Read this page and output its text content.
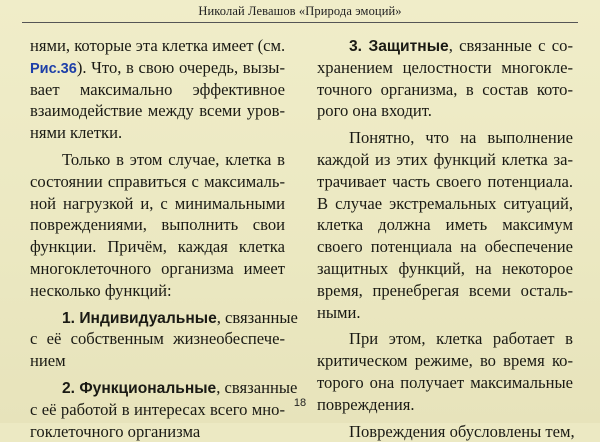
Николай Левашов «Природа эмоций»
нями, которые эта клетка имеет (см.
Рис.36). Что, в свою очередь, вызы-
вает максимально эффективное
взаимодействие между всеми уров-
нями клетки.
Только в этом случае, клетка в
состоянии справиться с максималь-
ной нагрузкой и, с минимальными
повреждениями, выполнить свои
функции. Причём, каждая клетка
многоклеточного организма имеет
несколько функций:
1. Индивидуальные, связанные
с её собственным жизнеобеспече-
нием
2. Функциональные, связанные
с её работой в интересах всего мно-
гоклеточного организма
3. Защитные, связанные с со-
хранением целостности многокле-
точного организма, в состав кото-
рого она входит.
Понятно, что на выполнение
каждой из этих функций клетка за-
трачивает часть своего потенциала.
В случае экстремальных ситуаций,
клетка должна иметь максимум
своего потенциала на обеспечение
защитных функций, на некоторое
время, пренебрегая всеми осталь-
ными.
При этом, клетка работает в
критическом режиме, во время ко-
торого она получает максимальные
повреждения.
Повреждения обусловлены тем,
18
